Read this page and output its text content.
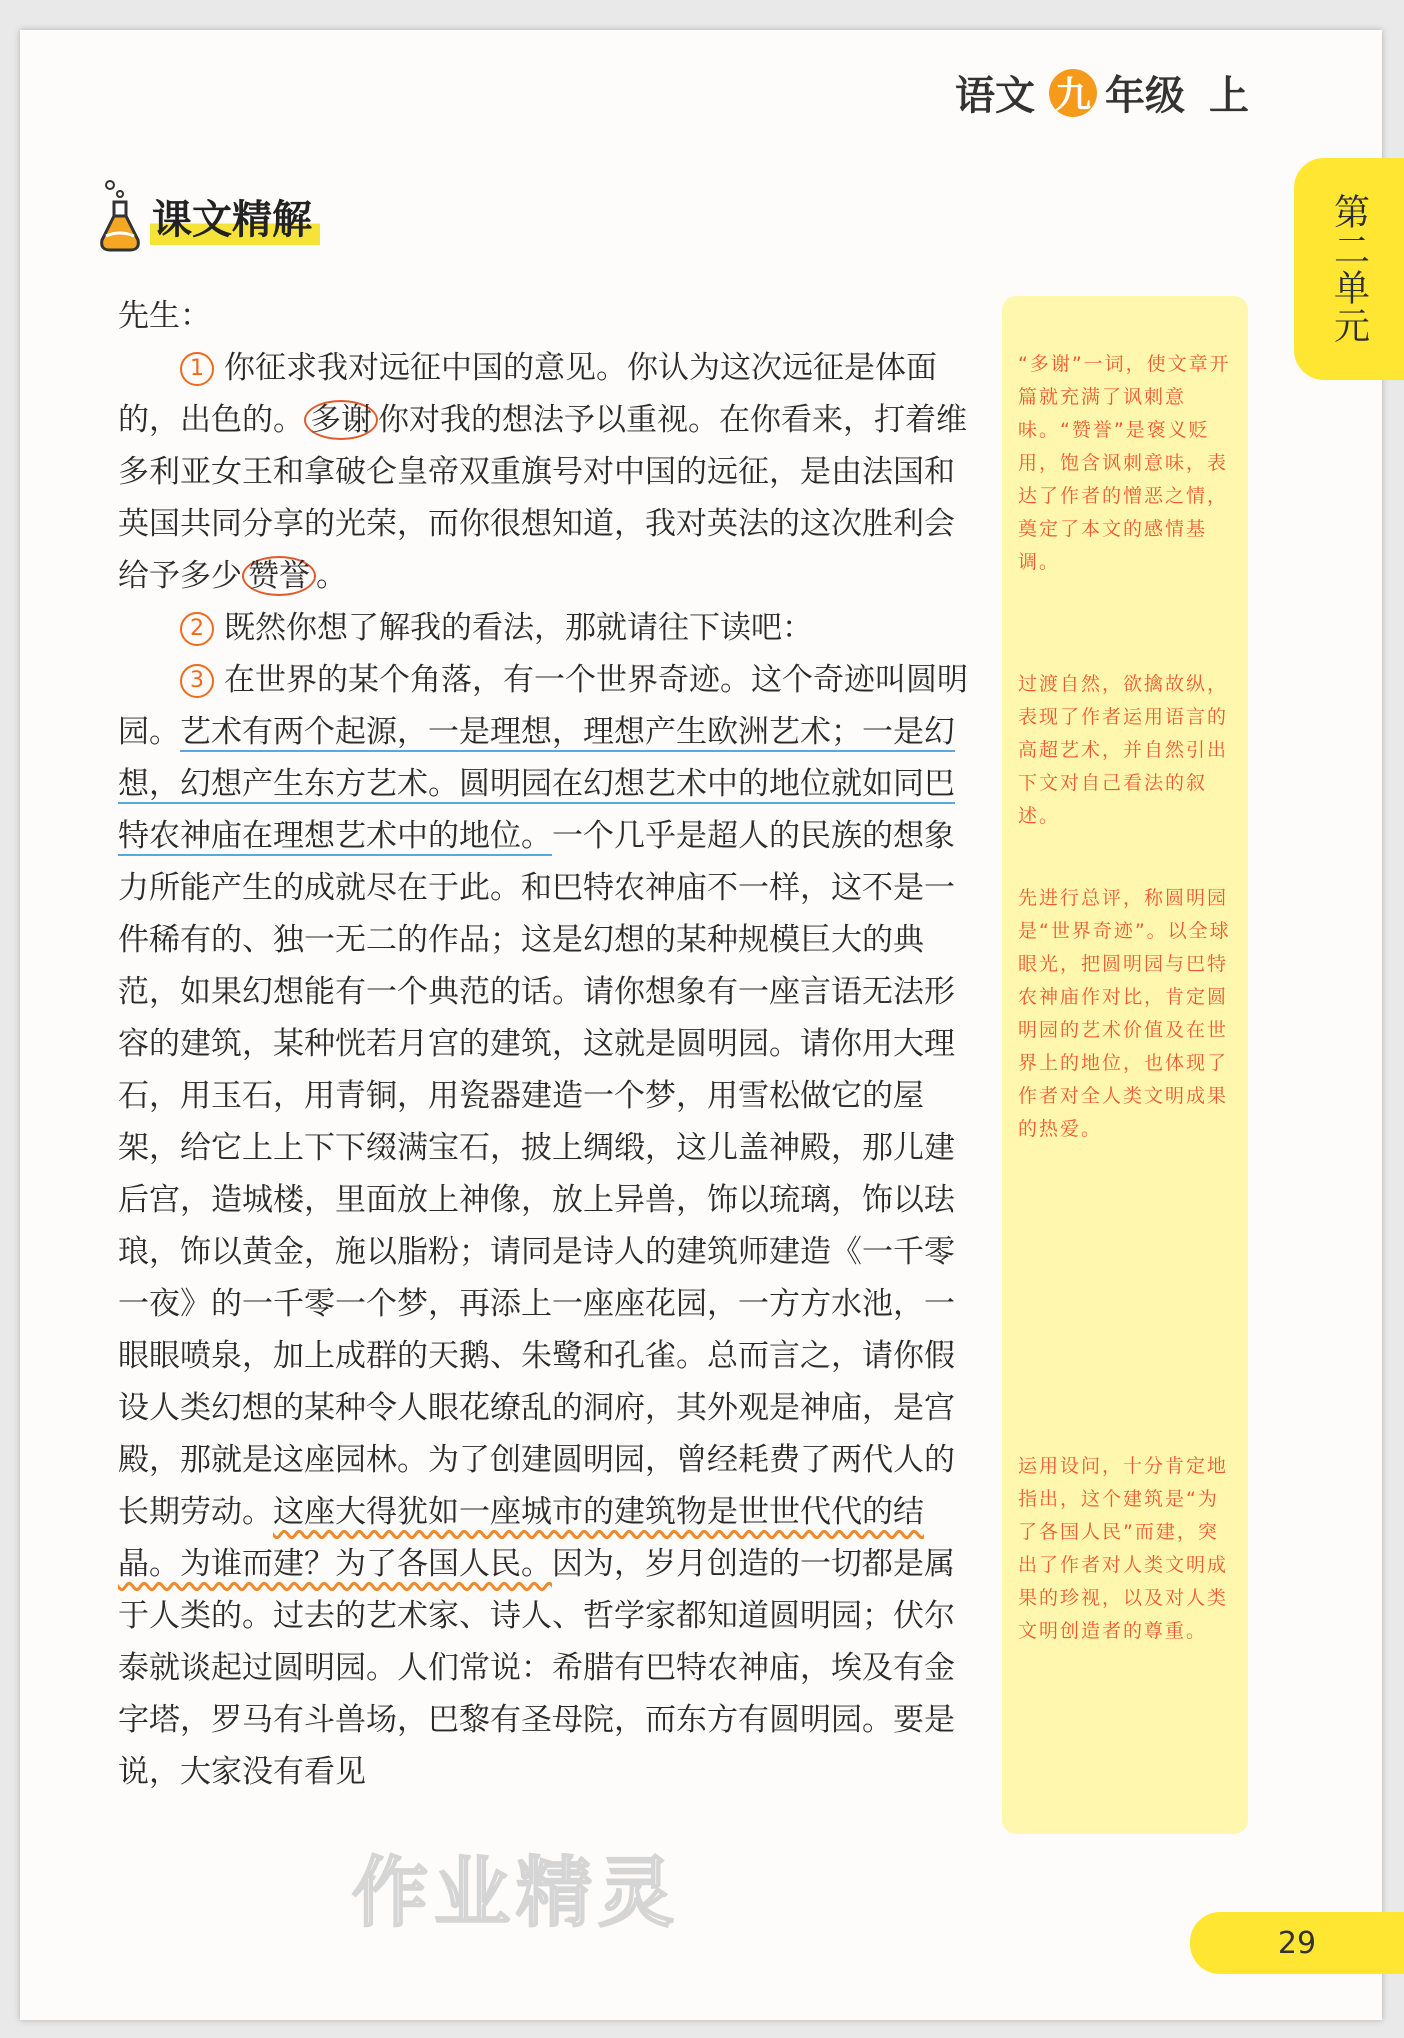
语文 九 年级 上
第二单元
课文精解

先生：

1 你征求我对远征中国的意见。你认为这次远征是体面的，出色的。 多谢 你对我的想法予以重视。在你看来，打着维多利亚女王和拿破仑皇帝双重旗号对中国的远征，是由法国和英国共同分享的光荣，而你很想知道，我对英法的这次胜利会给予多少 赞誉 。

2 既然你想了解我的看法，那就请往下读吧：

3 在世界的某个角落，有一个世界奇迹。这个奇迹叫圆明园。艺术有两个起源，一是理想，理想产生欧洲艺术；一是幻想，幻想产生东方艺术。圆明园在幻想艺术中的地位就如同巴特农神庙在理想艺术中的地位。一个几乎是超人的民族的想象力所能产生的成就尽在于此。和巴特农神庙不一样，这不是一件稀有的、独一无二的作品；这是幻想的某种规模巨大的典范，如果幻想能有一个典范的话。请你想象有一座言语无法形容的建筑，某种恍若月宫的建筑，这就是圆明园。请你用大理石，用玉石，用青铜，用瓷器建造一个梦，用雪松做它的屋架，给它上上下下缀满宝石，披上绸缎，这儿盖神殿，那儿建后宫，造城楼，里面放上神像，放上异兽，饰以琉璃，饰以珐琅，饰以黄金，施以脂粉；请同是诗人的建筑师建造《一千零一夜》的一千零一个梦，再添上一座座花园，一方方水池，一眼眼喷泉，加上成群的天鹅、朱鹭和孔雀。总而言之，请你假设人类幻想的某种令人眼花缭乱的洞府，其外观是神庙，是宫殿，那就是这座园林。为了创建圆明园，曾经耗费了两代人的长期劳动。这座大得犹如一座城市的建筑物是世世代代的结晶。为谁而建？为了各国人民。因为，岁月创造的一切都是属于人类的。过去的艺术家、诗人、哲学家都知道圆明园；伏尔泰就谈起过圆明园。人们常说：希腊有巴特农神庙，埃及有金字塔，罗马有斗兽场，巴黎有圣母院，而东方有圆明园。要是说，大家没有看见

“多谢”一词，使文章开篇就充满了讽刺意味。“赞誉”是褒义贬用，饱含讽刺意味，表达了作者的憎恶之情，奠定了本文的感情基调。
过渡自然，欲擒故纵，表现了作者运用语言的高超艺术，并自然引出下文对自己看法的叙述。
先进行总评，称圆明园是“世界奇迹”。以全球眼光，把圆明园与巴特农神庙作对比，肯定圆明园的艺术价值及在世界上的地位，也体现了作者对全人类文明成果的热爱。
运用设问，十分肯定地指出，这个建筑是“为了各国人民”而建，突出了作者对人类文明成果的珍视，以及对人类文明创造者的尊重。
作业精灵
29
